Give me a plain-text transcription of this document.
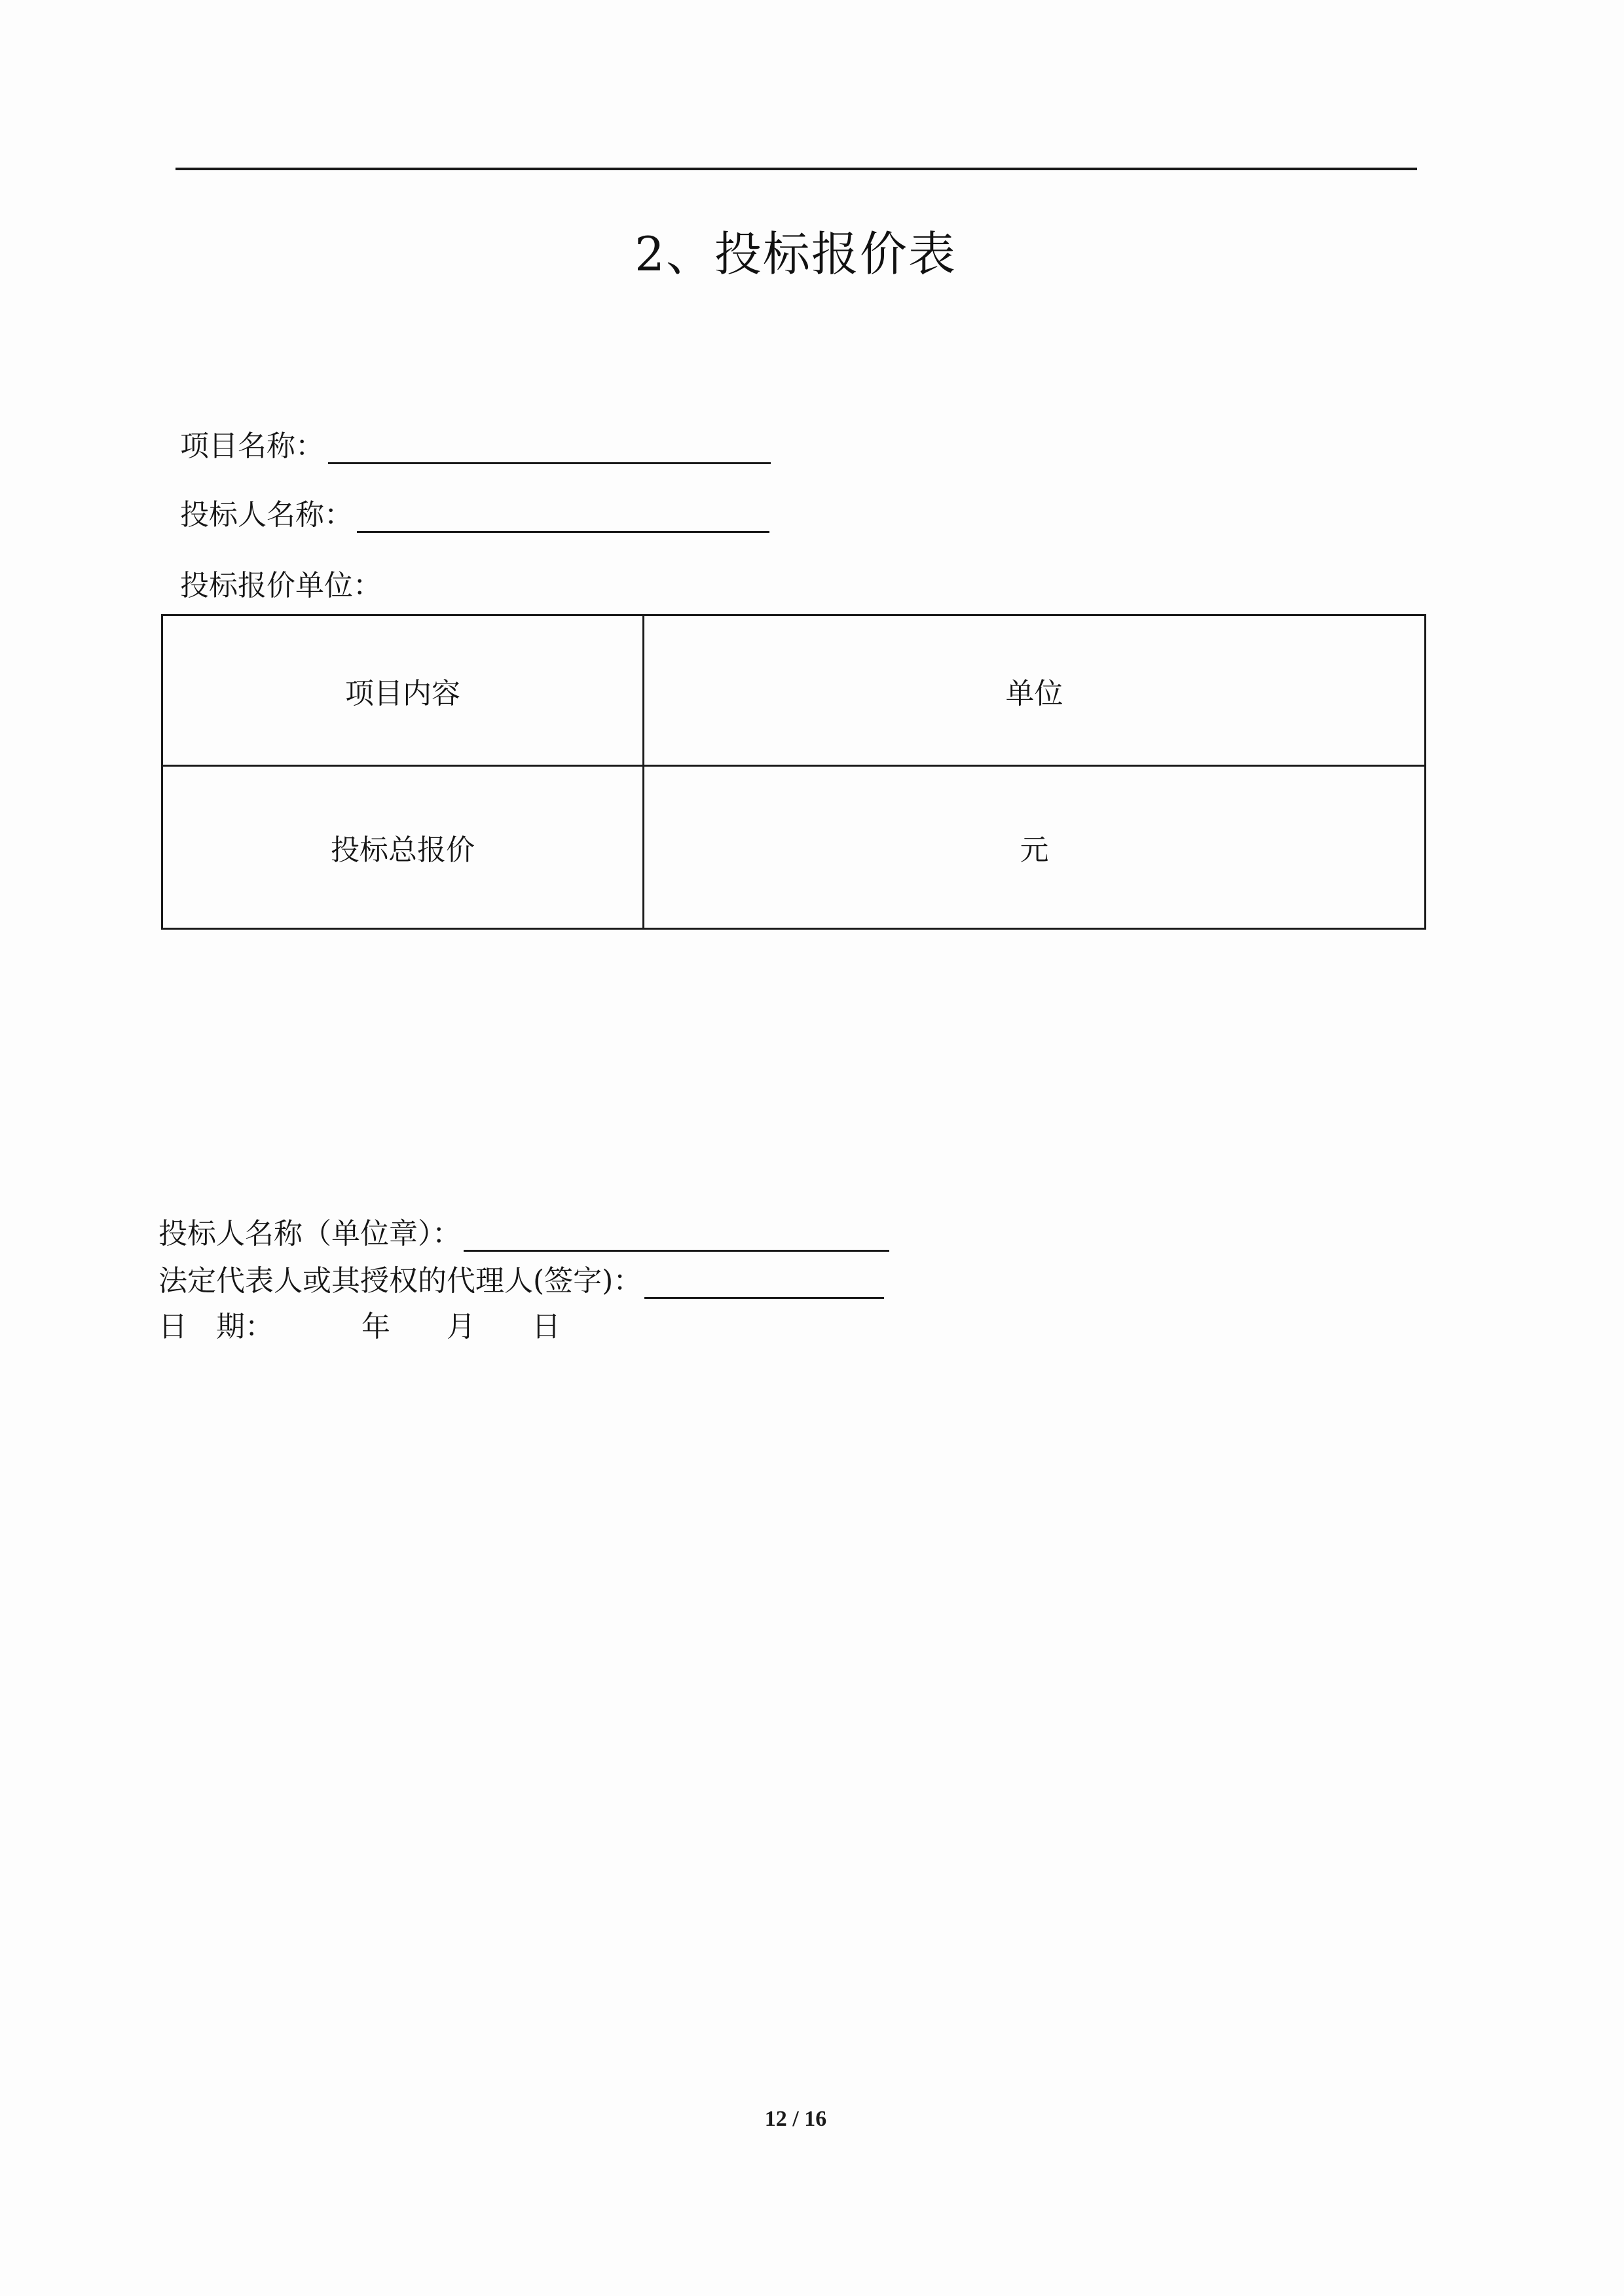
2、投标报价表
项目名称：
投标人名称：
投标报价单位：
项目内容	单位
投标总报价	元
投标人名称（单位章）：
法定代表人或其授权的代理人(签字)：
日　期：	年	月	日
12 / 16
